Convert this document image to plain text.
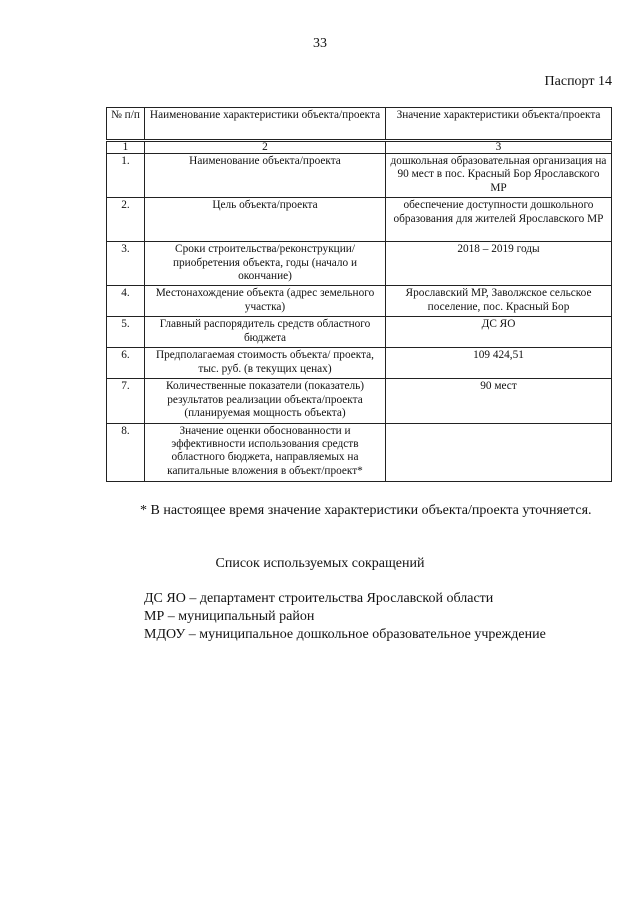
33
Паспорт 14
№ п/п	Наименование характеристики объекта/проекта	Значение характеристики объекта/проекта
1	2	3
1.	Наименование объекта/проекта	дошкольная образовательная организация на 90 мест в пос. Красный Бор Ярославского МР
2.	Цель объекта/проекта	обеспечение доступности дошкольного образования для жителей Ярославского МР
3.	Сроки строительства/реконструкции/ приобретения объекта, годы (начало и окончание)	2018 – 2019 годы
4.	Местонахождение объекта (адрес земельного участка)	Ярославский МР, Заволжское сельское поселение, пос. Красный Бор
5.	Главный распорядитель средств областного бюджета	ДС ЯО
6.	Предполагаемая стоимость объекта/ проекта, тыс. руб. (в текущих ценах)	109 424,51
7.	Количественные показатели (показатель) результатов реализации объекта/проекта (планируемая мощность объекта)	90 мест
8.	Значение оценки обоснованности и эффективности использования средств областного бюджета, направляемых на капитальные вложения в объект/проект*	
* В настоящее время значение характеристики объекта/проекта уточняется.
Список используемых сокращений
ДС ЯО – департамент строительства Ярославской области
МР – муниципальный район
МДОУ – муниципальное дошкольное образовательное учреждение
